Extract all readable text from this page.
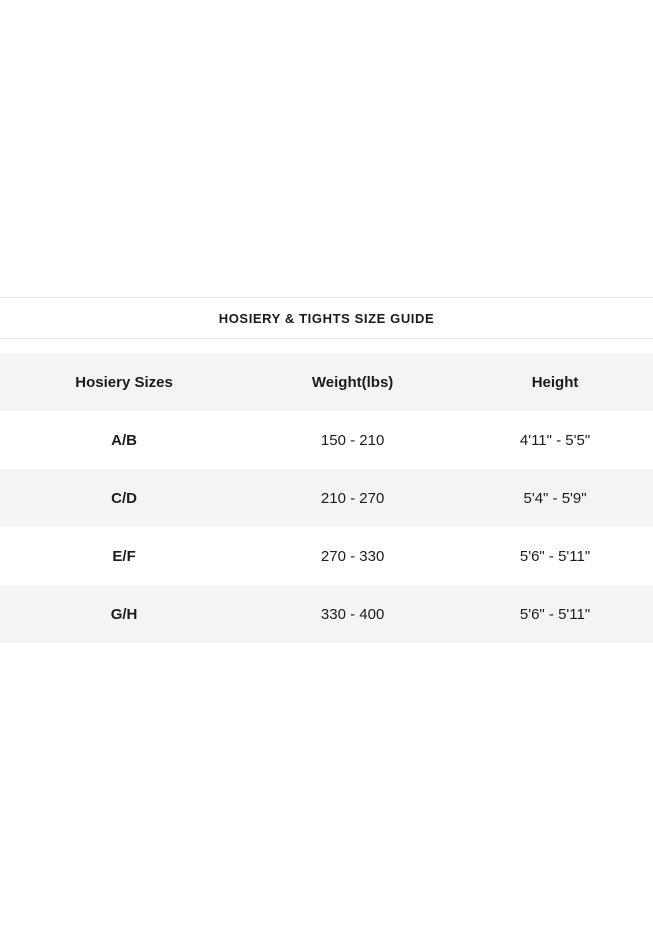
HOSIERY & TIGHTS SIZE GUIDE
Hosiery Sizes	Weight(lbs)	Height
A/B	150 - 210	4'11" - 5'5"
C/D	210 - 270	5'4" - 5'9"
E/F	270 - 330	5'6" - 5'11"
G/H	330 - 400	5'6" - 5'11"
